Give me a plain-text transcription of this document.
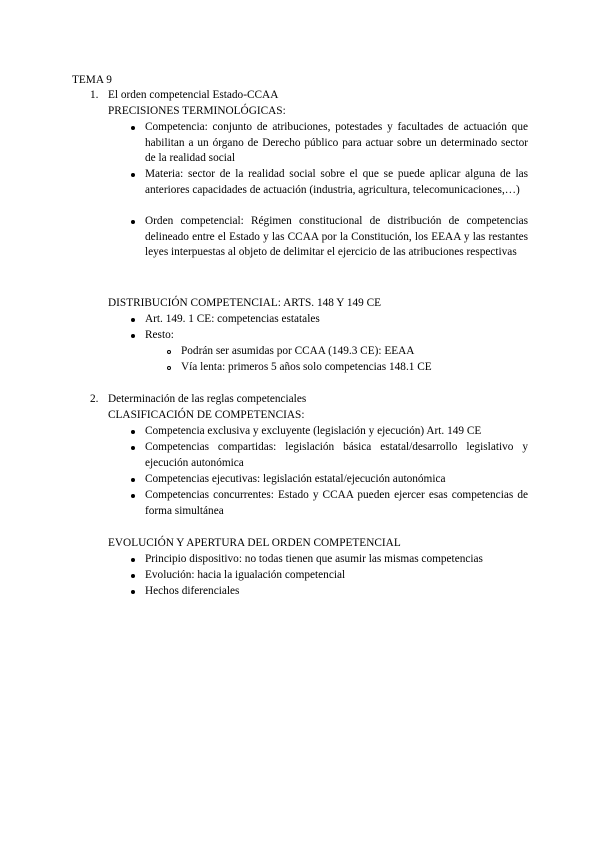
TEMA 9
1. El orden competencial Estado-CCAA
PRECISIONES TERMINOLÓGICAS:
Competencia: conjunto de atribuciones, potestades y facultades de actuación que habilitan a un órgano de Derecho público para actuar sobre un determinado sector de la realidad social
Materia: sector de la realidad social sobre el que se puede aplicar alguna de las anteriores capacidades de actuación (industria, agricultura, telecomunicaciones,…)
Orden competencial: Régimen constitucional de distribución de competencias delineado entre el Estado y las CCAA por la Constitución, los EEAA y las restantes leyes interpuestas al objeto de delimitar el ejercicio de las atribuciones respectivas
DISTRIBUCIÓN COMPETENCIAL: ARTS. 148 Y 149 CE
Art. 149. 1 CE: competencias estatales
Resto:
Podrán ser asumidas por CCAA (149.3 CE): EEAA
Vía lenta: primeros 5 años solo competencias 148.1 CE
2. Determinación de las reglas competenciales
CLASIFICACIÓN DE COMPETENCIAS:
Competencia exclusiva y excluyente (legislación y ejecución) Art. 149 CE
Competencias compartidas: legislación básica estatal/desarrollo legislativo y ejecución autonómica
Competencias ejecutivas: legislación estatal/ejecución autonómica
Competencias concurrentes: Estado y CCAA pueden ejercer esas competencias de forma simultánea
EVOLUCIÓN Y APERTURA DEL ORDEN COMPETENCIAL
Principio dispositivo: no todas tienen que asumir las mismas competencias
Evolución: hacia la igualación competencial
Hechos diferenciales
